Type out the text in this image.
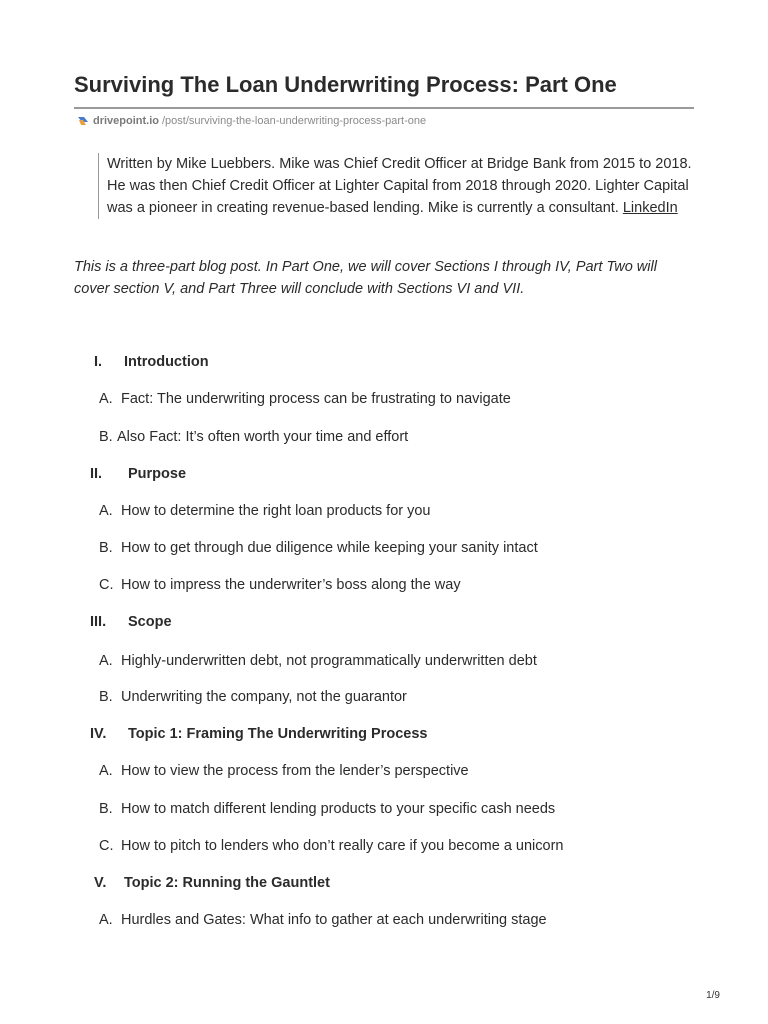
Surviving The Loan Underwriting Process: Part One
drivepoint.io /post/surviving-the-loan-underwriting-process-part-one
Written by Mike Luebbers. Mike was Chief Credit Officer at Bridge Bank from 2015 to 2018. He was then Chief Credit Officer at Lighter Capital from 2018 through 2020. Lighter Capital was a pioneer in creating revenue-based lending. Mike is currently a consultant. LinkedIn
This is a three-part blog post. In Part One, we will cover Sections I through IV, Part Two will cover section V, and Part Three will conclude with Sections VI and VII.
I. Introduction
A. Fact: The underwriting process can be frustrating to navigate
B. Also Fact: It’s often worth your time and effort
II. Purpose
A. How to determine the right loan products for you
B. How to get through due diligence while keeping your sanity intact
C. How to impress the underwriter’s boss along the way
III. Scope
A. Highly-underwritten debt, not programmatically underwritten debt
B. Underwriting the company, not the guarantor
IV. Topic 1: Framing The Underwriting Process
A. How to view the process from the lender’s perspective
B. How to match different lending products to your specific cash needs
C. How to pitch to lenders who don’t really care if you become a unicorn
V. Topic 2: Running the Gauntlet
A. Hurdles and Gates: What info to gather at each underwriting stage
1/9
